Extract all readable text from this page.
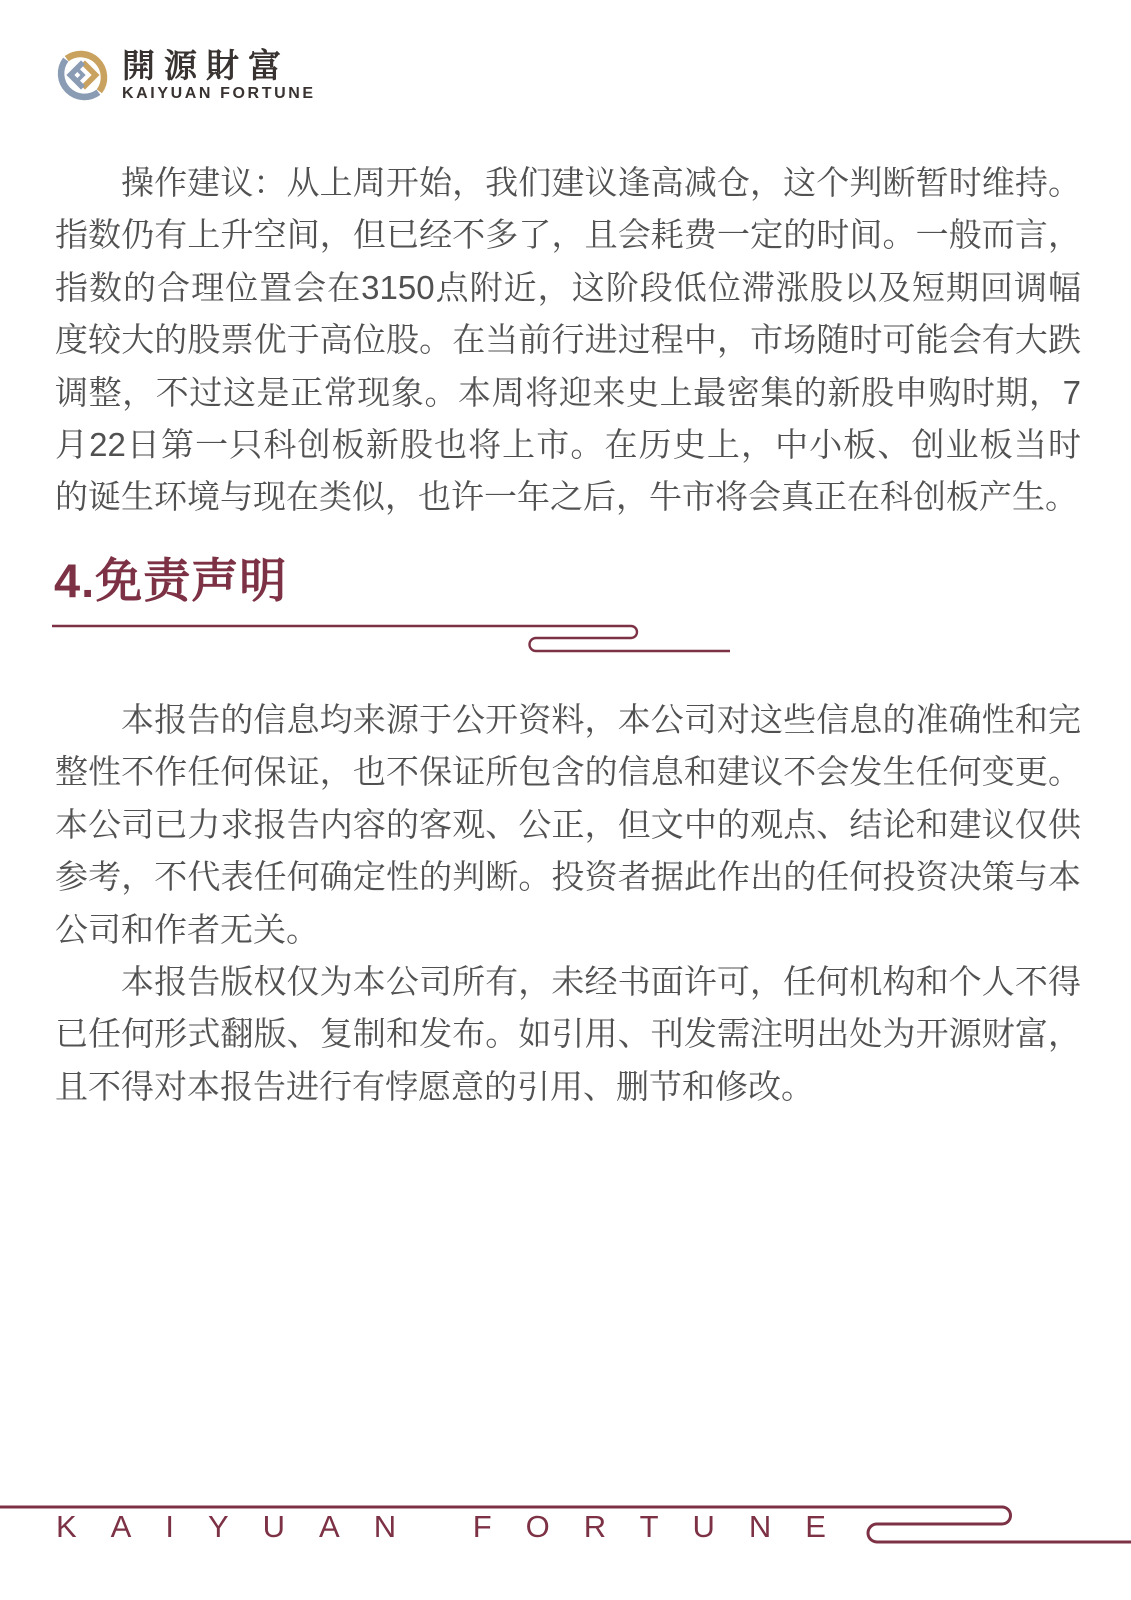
開源財富
KAIYUAN FORTUNE

操作建议：从上周开始，我们建议逢高减仓，这个判断暂时维持。指数仍有上升空间，但已经不多了，且会耗费一定的时间。一般而言，指数的合理位置会在3150点附近，这阶段低位滞涨股以及短期回调幅度较大的股票优于高位股。在当前行进过程中，市场随时可能会有大跌调整，不过这是正常现象。本周将迎来史上最密集的新股申购时期，7月22日第一只科创板新股也将上市。在历史上，中小板、创业板当时的诞生环境与现在类似，也许一年之后，牛市将会真正在科创板产生。

4.免责声明

本报告的信息均来源于公开资料，本公司对这些信息的准确性和完整性不作任何保证，也不保证所包含的信息和建议不会发生任何变更。本公司已力求报告内容的客观、公正，但文中的观点、结论和建议仅供参考，不代表任何确定性的判断。投资者据此作出的任何投资决策与本公司和作者无关。

本报告版权仅为本公司所有，未经书面许可，任何机构和个人不得已任何形式翻版、复制和发布。如引用、刊发需注明出处为开源财富，且不得对本报告进行有悖愿意的引用、删节和修改。

KAIYUAN FORTUNE
